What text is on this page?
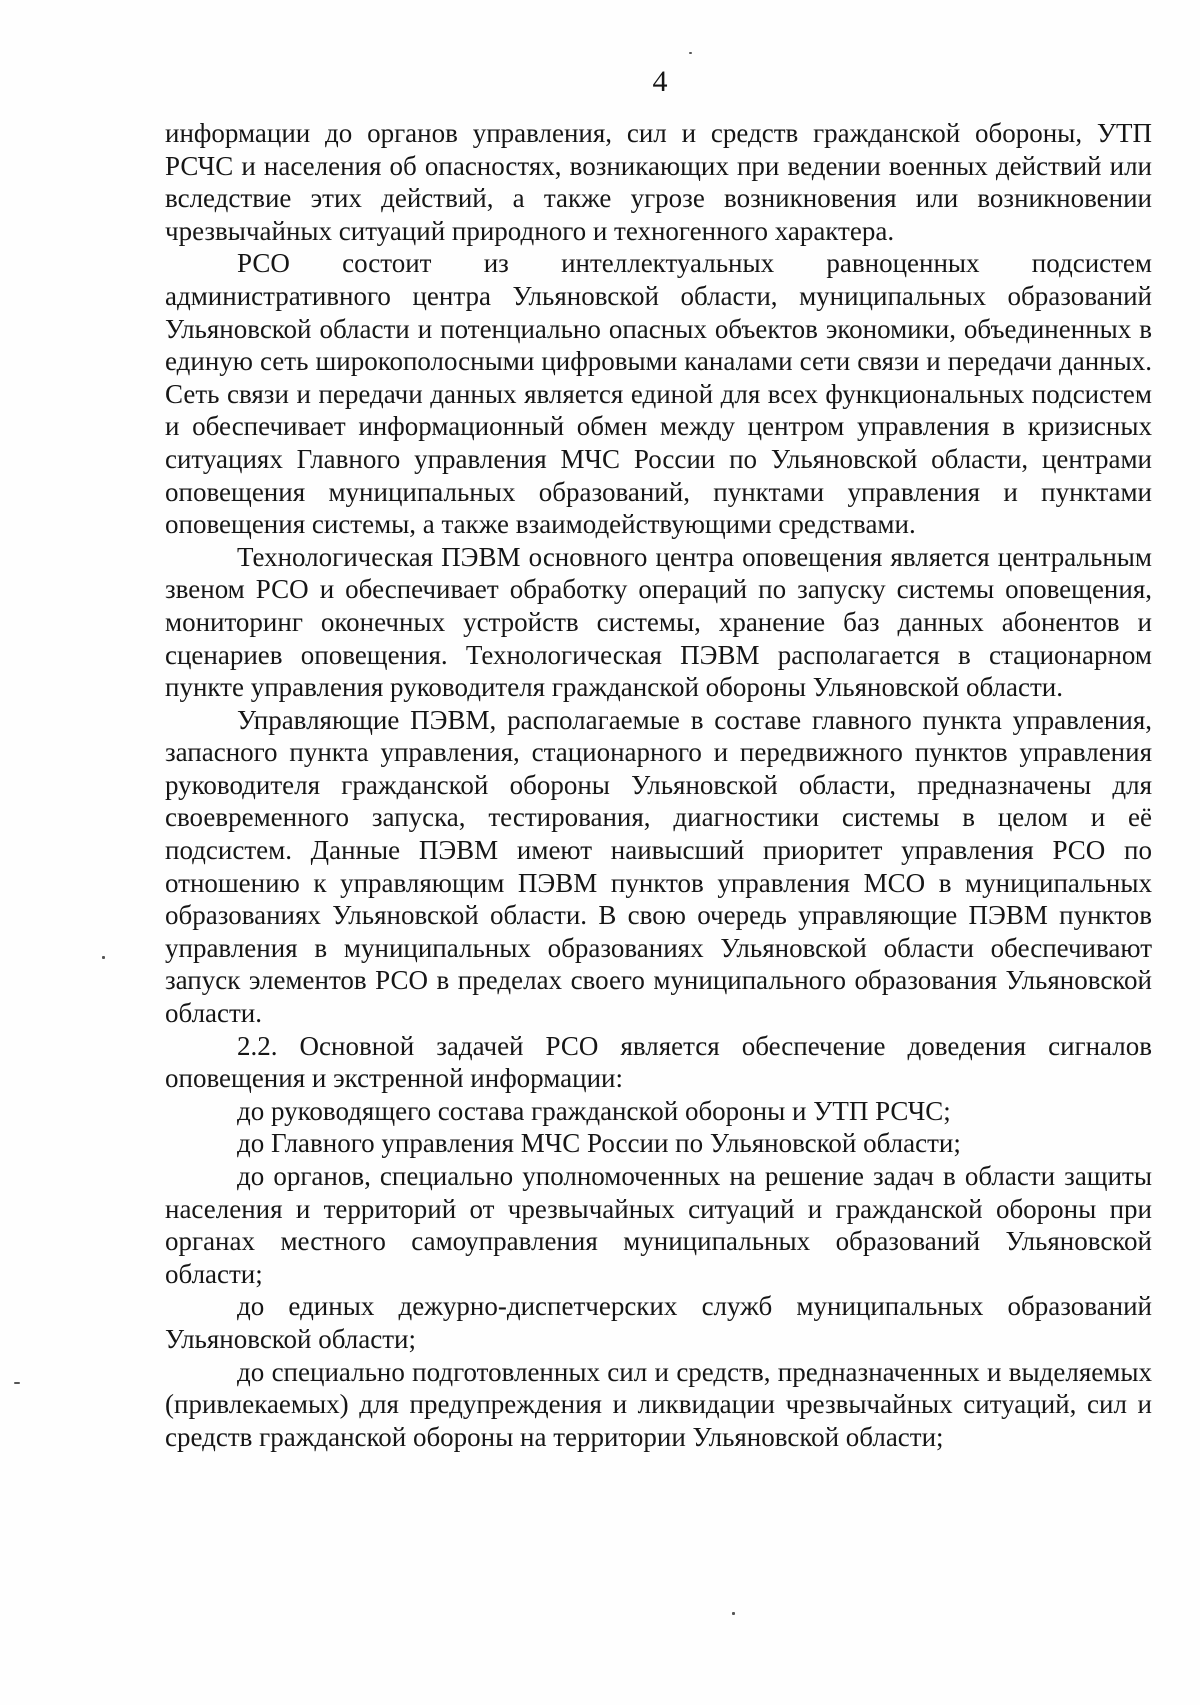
4

информации до органов управления, сил и средств гражданской обороны, УТП РСЧС и населения об опасностях, возникающих при ведении военных действий или вследствие этих действий, а также угрозе возникновения или возникновении чрезвычайных ситуаций природного и техногенного характера.

РСО состоит из интеллектуальных равноценных подсистем административного центра Ульяновской области, муниципальных образований Ульяновской области и потенциально опасных объектов экономики, объединенных в единую сеть широкополосными цифровыми каналами сети связи и передачи данных. Сеть связи и передачи данных является единой для всех функциональных подсистем и обеспечивает информационный обмен между центром управления в кризисных ситуациях Главного управления МЧС России по Ульяновской области, центрами оповещения муниципальных образований, пунктами управления и пунктами оповещения системы, а также взаимодействующими средствами.

Технологическая ПЭВМ основного центра оповещения является центральным звеном РСО и обеспечивает обработку операций по запуску системы оповещения, мониторинг оконечных устройств системы, хранение баз данных абонентов и сценариев оповещения. Технологическая ПЭВМ располагается в стационарном пункте управления руководителя гражданской обороны Ульяновской области.

Управляющие ПЭВМ, располагаемые в составе главного пункта управления, запасного пункта управления, стационарного и передвижного пунктов управления руководителя гражданской обороны Ульяновской области, предназначены для своевременного запуска, тестирования, диагностики системы в целом и её подсистем. Данные ПЭВМ имеют наивысший приоритет управления РСО по отношению к управляющим ПЭВМ пунктов управления МСО в муниципальных образованиях Ульяновской области. В свою очередь управляющие ПЭВМ пунктов управления в муниципальных образованиях Ульяновской области обеспечивают запуск элементов РСО в пределах своего муниципального образования Ульяновской области.

2.2. Основной задачей РСО является обеспечение доведения сигналов оповещения и экстренной информации:

до руководящего состава гражданской обороны и УТП РСЧС;

до Главного управления МЧС России по Ульяновской области;

до органов, специально уполномоченных на решение задач в области защиты населения и территорий от чрезвычайных ситуаций и гражданской обороны при органах местного самоуправления муниципальных образований Ульяновской области;

до единых дежурно-диспетчерских служб муниципальных образований Ульяновской области;

до специально подготовленных сил и средств, предназначенных и выделяемых (привлекаемых) для предупреждения и ликвидации чрезвычайных ситуаций, сил и средств гражданской обороны на территории Ульяновской области;
